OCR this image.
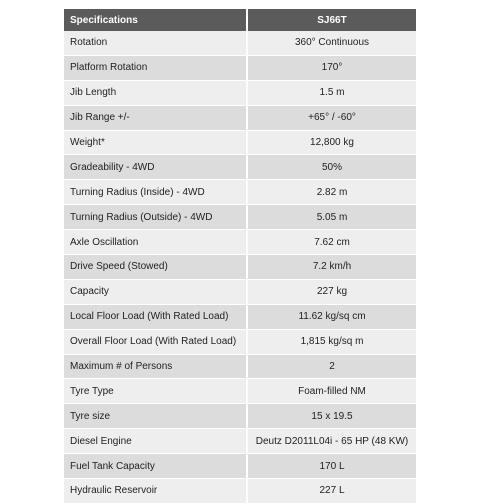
Specifications	SJ66T
Rotation	360° Continuous
Platform Rotation	170°
Jib Length	1.5 m
Jib Range +/-	+65° / -60°
Weight*	12,800 kg
Gradeability - 4WD	50%
Turning Radius (Inside) - 4WD	2.82 m
Turning Radius (Outside) - 4WD	5.05 m
Axle Oscillation	7.62 cm
Drive Speed (Stowed)	7.2 km/h
Capacity	227 kg
Local Floor Load (With Rated Load)	11.62 kg/sq cm
Overall Floor Load (With Rated Load)	1,815 kg/sq m
Maximum # of Persons	2
Tyre Type	Foam-filled NM
Tyre size	15 x 19.5
Diesel Engine	Deutz D2011L04i - 65 HP (48 KW)
Fuel Tank Capacity	170 L
Hydraulic Reservoir	227 L
